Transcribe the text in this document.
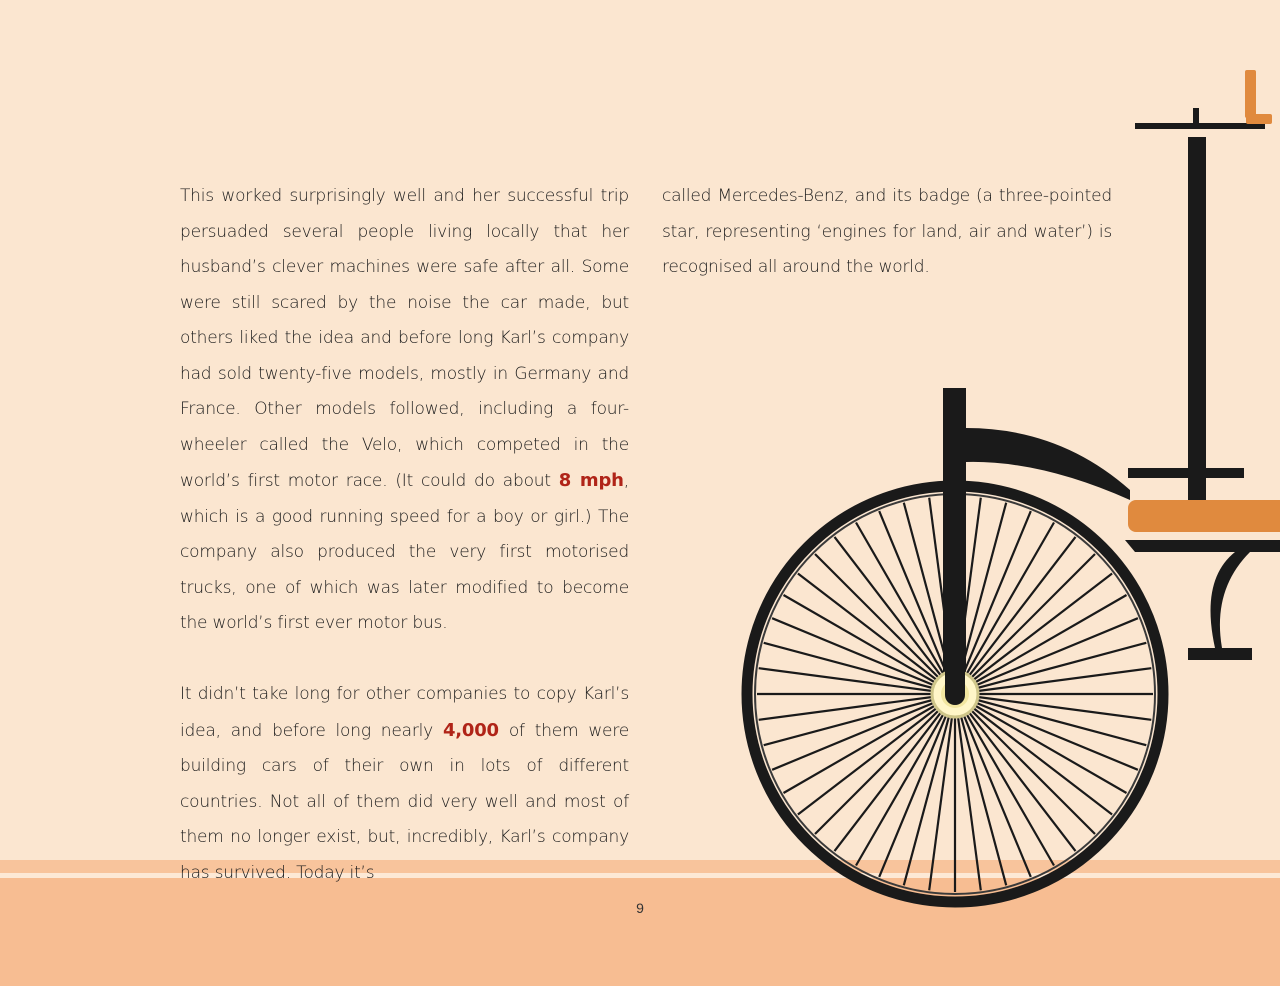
This worked surprisingly well and her successful trip persuaded several people living locally that her husband’s clever machines were safe after all. Some were still scared by the noise the car made, but others liked the idea and before long Karl’s company had sold twenty-five models, mostly in Germany and France. Other models followed, including a four-wheeler called the Velo, which competed in the world’s first motor race. (It could do about 8 mph, which is a good running speed for a boy or girl.) The company also produced the very first motorised trucks, one of which was later modified to become the world’s first ever motor bus.

It didn’t take long for other companies to copy Karl’s idea, and before long nearly 4,000 of them were building cars of their own in lots of different countries. Not all of them did very well and most of them no longer exist, but, incredibly, Karl’s company has survived. Today it’s

called Mercedes-Benz, and its badge (a three-pointed star, representing ‘engines for land, air and water’) is recognised all around the world.

9
